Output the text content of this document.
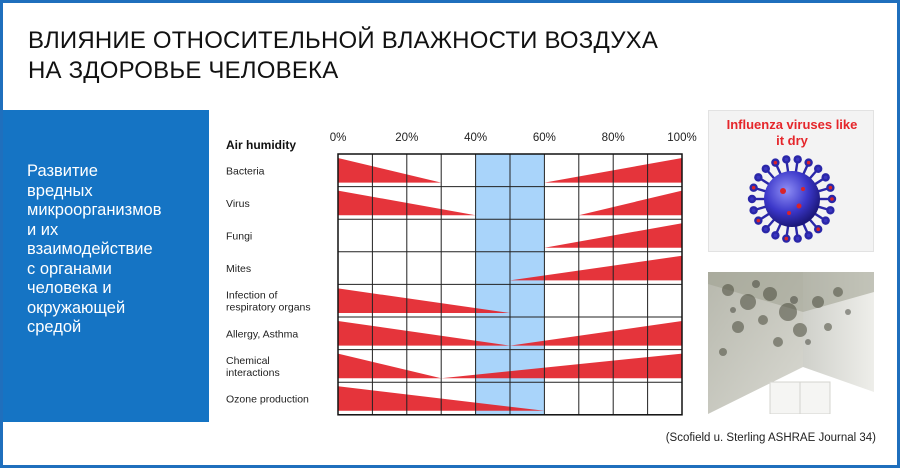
ВЛИЯНИЕ ОТНОСИТЕЛЬНОЙ ВЛАЖНОСТИ ВОЗДУХА
НА ЗДОРОВЬЕ ЧЕЛОВЕКА
Развитие
вредных
микроорганизмов
и их
взаимодействие
с органами
человека и
окружающей
средой
Air humidity	0%	20%	40%	60%	80%	100%
Bacteria
Virus
Fungi
Mites
Infection of
respiratory organs
Allergy, Asthma
Chemical
interactions
Ozone production
Influenza viruses like
it dry
(Scofield u. Sterling ASHRAE Journal 34)
